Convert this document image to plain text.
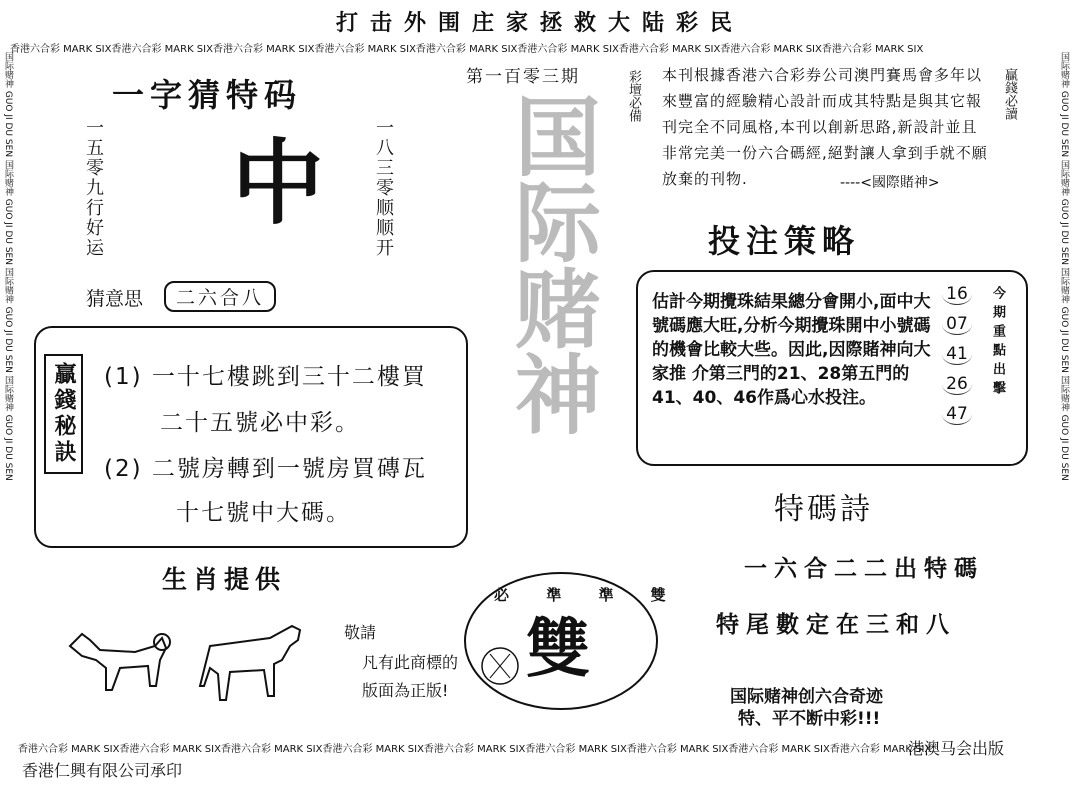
打击外围庄家拯救大陆彩民
香港六合彩 MARK SIX香港六合彩 MARK SIX香港六合彩 MARK SIX香港六合彩 MARK SIX香港六合彩 MARK SIX香港六合彩 MARK SIX香港六合彩 MARK SIX香港六合彩 MARK SIX香港六合彩 MARK SIX
香港六合彩 MARK SIX香港六合彩 MARK SIX香港六合彩 MARK SIX香港六合彩 MARK SIX香港六合彩 MARK SIX香港六合彩 MARK SIX香港六合彩 MARK SIX香港六合彩 MARK SIX香港六合彩 MARK SIX
国际赌神 GUO JI DU SEN 国际赌神 GUO JI DU SEN 国际赌神 GUO JI DU SEN 国际赌神 GUO JI DU SEN	国际赌神 GUO JI DU SEN 国际赌神 GUO JI DU SEN 国际赌神 GUO JI DU SEN 国际赌神 GUO JI DU SEN
一字猜特码
一五零九行好运 中	一八三零顺顺开
猜意思	二六合八
第一百零三期
国际赌神 彩壇必備 本刊根據香港六合彩券公司澳門賽馬會多年以來豐富的經驗精心設計而成其特點是與其它報刊完全不同風格,本刊以創新思路,新設計並且非常完美一份六合碼經,絕對讓人拿到手就不願放棄的刊物.	----<國際賭神>
贏錢必讀
投注策略
估計今期攪珠結果總分會開小,面中大號碼應大旺,分析今期攪珠開中小號碼的機會比較大些。因此,因際賭神向大家推 介第三門的21、28第五門的41、40、46作爲心水投注。
16
07
41
26
47
今期重點出擊
贏錢秘訣	(1) 一十七樓跳到三十二樓買
二十五號必中彩。
(2) 二號房轉到一號房買磚瓦
十七號中大碼。	特碼詩
一六合二二出特碼
特尾數定在三和八
生肖提供
敬請
凡有此商標的
版面為正版!
必 準 準 雙
雙
国际赌神创六合奇迹
特、平不断中彩!!!
港澳马会出版
香港仁興有限公司承印
